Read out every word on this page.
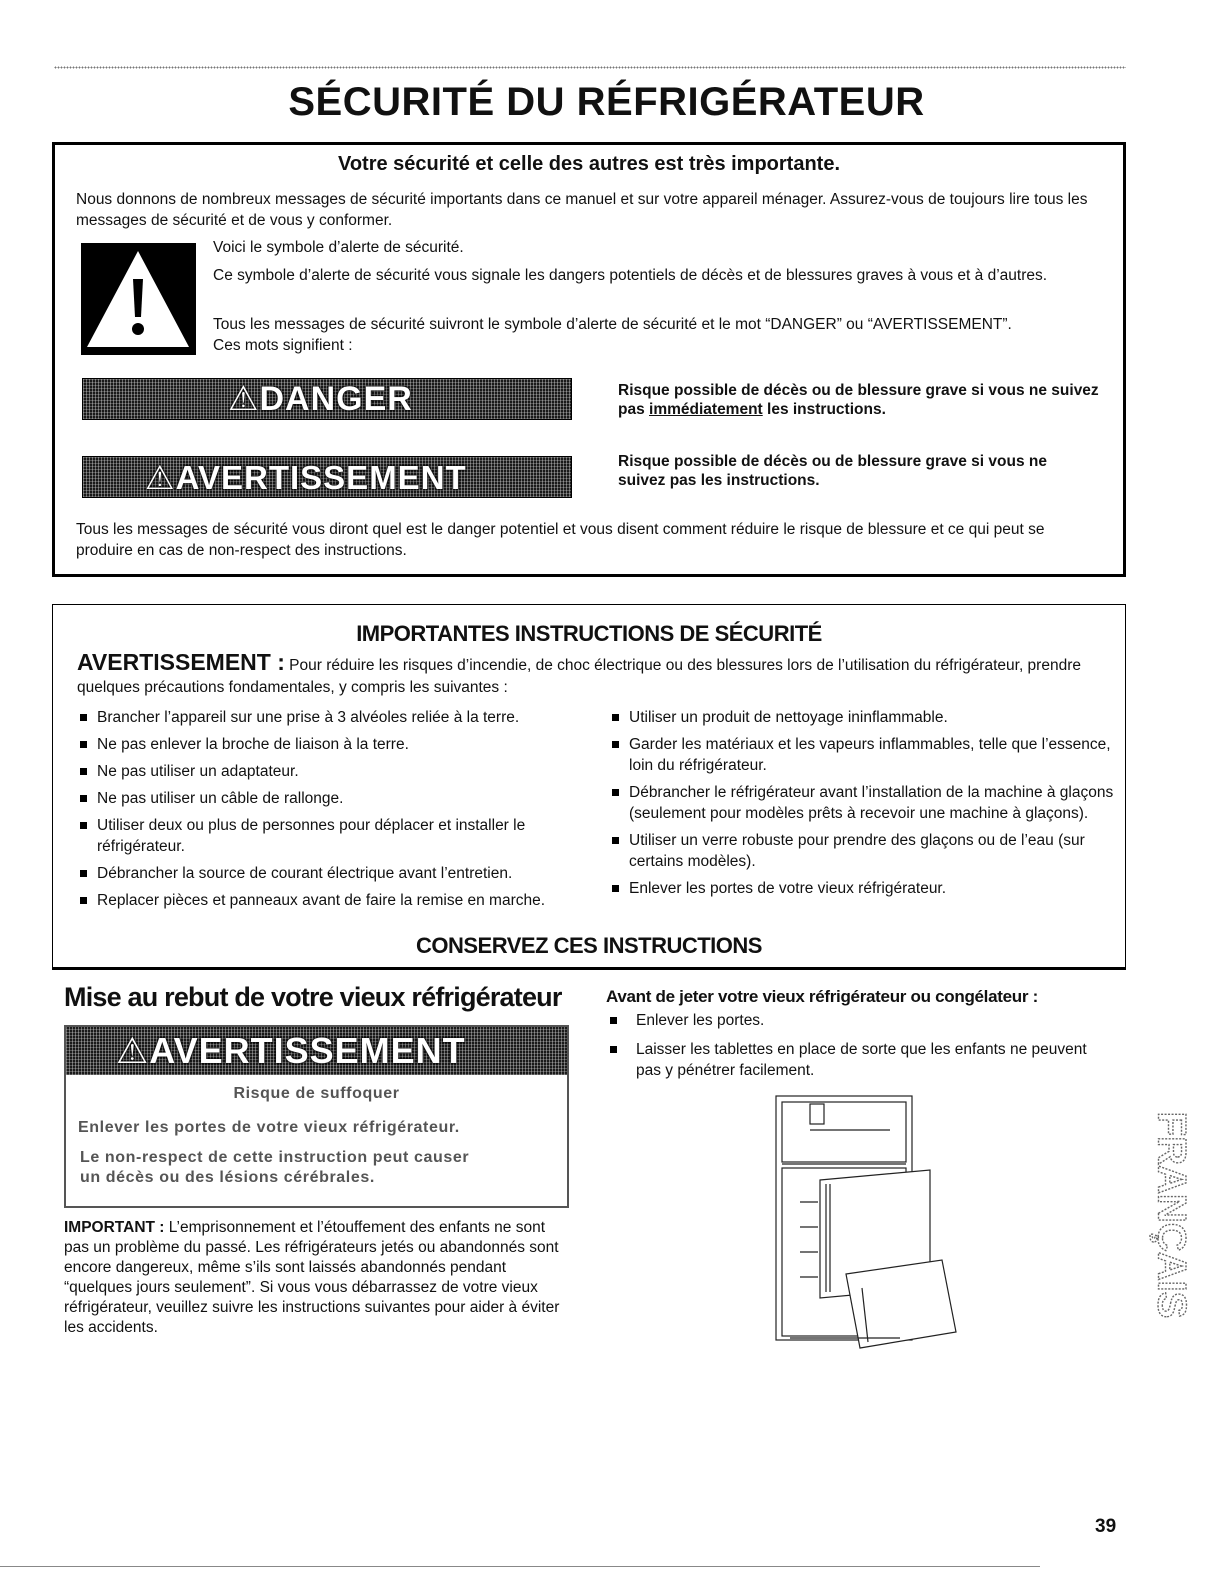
SÉCURITÉ DU RÉFRIGÉRATEUR
Votre sécurité et celle des autres est très importante.
Nous donnons de nombreux messages de sécurité importants dans ce manuel et sur votre appareil ménager. Assurez-vous de toujours lire tous les messages de sécurité et de vous y conformer.
Voici le symbole d’alerte de sécurité.
Ce symbole d’alerte de sécurité vous signale les dangers potentiels de décès et de blessures graves à vous et à d’autres.
Tous les messages de sécurité suivront le symbole d’alerte de sécurité et le mot “DANGER” ou “AVERTISSEMENT”. Ces mots signifient :
⚠DANGER	Risque possible de décès ou de blessure grave si vous ne suivez pas immédiatement les instructions.
⚠AVERTISSEMENT	Risque possible de décès ou de blessure grave si vous ne suivez pas les instructions.
Tous les messages de sécurité vous diront quel est le danger potentiel et vous disent comment réduire le risque de blessure et ce qui peut se produire en cas de non-respect des instructions.
IMPORTANTES INSTRUCTIONS DE SÉCURITÉ
AVERTISSEMENT : Pour réduire les risques d’incendie, de choc électrique ou des blessures lors de l’utilisation du réfrigérateur, prendre quelques précautions fondamentales, y compris les suivantes :
Brancher l’appareil sur une prise à 3 alvéoles reliée à la terre.
Ne pas enlever la broche de liaison à la terre.
Ne pas utiliser un adaptateur.
Ne pas utiliser un câble de rallonge.
Utiliser deux ou plus de personnes pour déplacer et installer le réfrigérateur.
Débrancher la source de courant électrique avant l’entretien.
Replacer pièces et panneaux avant de faire la remise en marche.
Utiliser un produit de nettoyage ininflammable.
Garder les matériaux et les vapeurs inflammables, telle que l’essence, loin du réfrigérateur.
Débrancher le réfrigérateur avant l’installation de la machine à glaçons (seulement pour modèles prêts à recevoir une machine à glaçons).
Utiliser un verre robuste pour prendre des glaçons ou de l’eau (sur certains modèles).
Enlever les portes de votre vieux réfrigérateur.
CONSERVEZ CES INSTRUCTIONS
Mise au rebut de votre vieux réfrigérateur
⚠AVERTISSEMENT
Risque de suffoquer
Enlever les portes de votre vieux réfrigérateur.
Le non-respect de cette instruction peut causer
un décès ou des lésions cérébrales.
IMPORTANT : L’emprisonnement et l’étouffement des enfants ne sont pas un problème du passé. Les réfrigérateurs jetés ou abandonnés sont encore dangereux, même s’ils sont laissés abandonnés pendant “quelques jours seulement”. Si vous vous débarrassez de votre vieux réfrigérateur, veuillez suivre les instructions suivantes pour aider à éviter les accidents.
Avant de jeter votre vieux réfrigérateur ou congélateur :
Enlever les portes.
Laisser les tablettes en place de sorte que les enfants ne peuvent pas y pénétrer facilement.
FRANÇAIS
39
